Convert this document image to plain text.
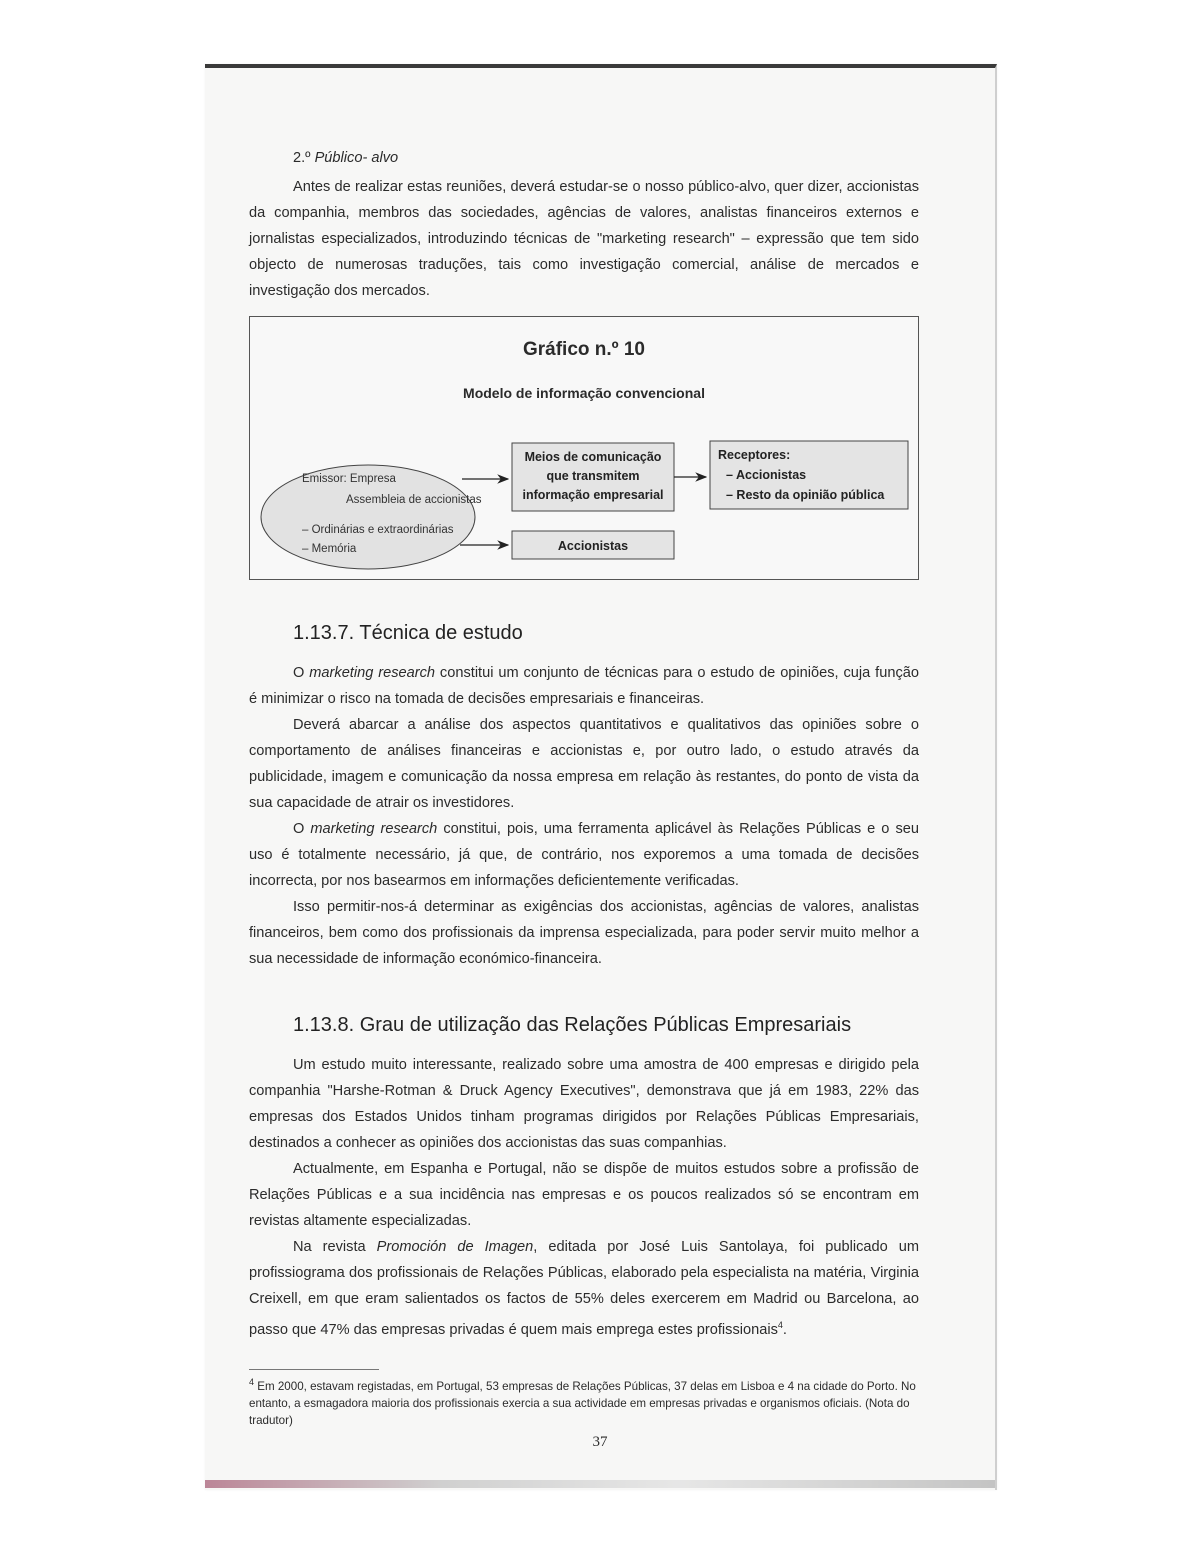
2.º Público- alvo

Antes de realizar estas reuniões, deverá estudar-se o nosso público-alvo, quer dizer, accionistas da companhia, membros das sociedades, agências de valores, analistas financeiros externos e jornalistas especializados, introduzindo técnicas de "marketing research" – expressão que tem sido objecto de numerosas traduções, tais como investigação comercial, análise de mercados e investigação dos mercados.

Gráfico n.º 10
Modelo de informação convencional
Emissor: Empresa
Assembleia de accionistas
– Ordinárias e extraordinárias
– Memória
Meios de comunicação
que transmitem
informação empresarial
Receptores:
– Accionistas
– Resto da opinião pública
Accionistas
1.13.7. Técnica de estudo

O marketing research constitui um conjunto de técnicas para o estudo de opiniões, cuja função é minimizar o risco na tomada de decisões empresariais e financeiras.

Deverá abarcar a análise dos aspectos quantitativos e qualitativos das opiniões sobre o comportamento de análises financeiras e accionistas e, por outro lado, o estudo através da publicidade, imagem e comunicação da nossa empresa em relação às restantes, do ponto de vista da sua capacidade de atrair os investidores.

O marketing research constitui, pois, uma ferramenta aplicável às Relações Públicas e o seu uso é totalmente necessário, já que, de contrário, nos exporemos a uma tomada de decisões incorrecta, por nos basearmos em informações deficientemente verificadas.

Isso permitir-nos-á determinar as exigências dos accionistas, agências de valores, analistas financeiros, bem como dos profissionais da imprensa especializada, para poder servir muito melhor a sua necessidade de informação económico-financeira.

1.13.8. Grau de utilização das Relações Públicas Empresariais

Um estudo muito interessante, realizado sobre uma amostra de 400 empresas e dirigido pela companhia "Harshe-Rotman & Druck Agency Executives", demonstrava que já em 1983, 22% das empresas dos Estados Unidos tinham programas dirigidos por Relações Públicas Empresariais, destinados a conhecer as opiniões dos accionistas das suas companhias.

Actualmente, em Espanha e Portugal, não se dispõe de muitos estudos sobre a profissão de Relações Públicas e a sua incidência nas empresas e os poucos realizados só se encontram em revistas altamente especializadas.

Na revista Promoción de Imagen, editada por José Luis Santolaya, foi publicado um profissiograma dos profissionais de Relações Públicas, elaborado pela especialista na matéria, Virginia Creixell, em que eram salientados os factos de 55% deles exercerem em Madrid ou Barcelona, ao passo que 47% das empresas privadas é quem mais emprega estes profissionais$^4$.

$^4$ Em 2000, estavam registadas, em Portugal, 53 empresas de Relações Públicas, 37 delas em Lisboa e 4 na cidade do Porto. No entanto, a esmagadora maioria dos profissionais exercia a sua actividade em empresas privadas e organismos oficiais. (Nota do tradutor)
37
